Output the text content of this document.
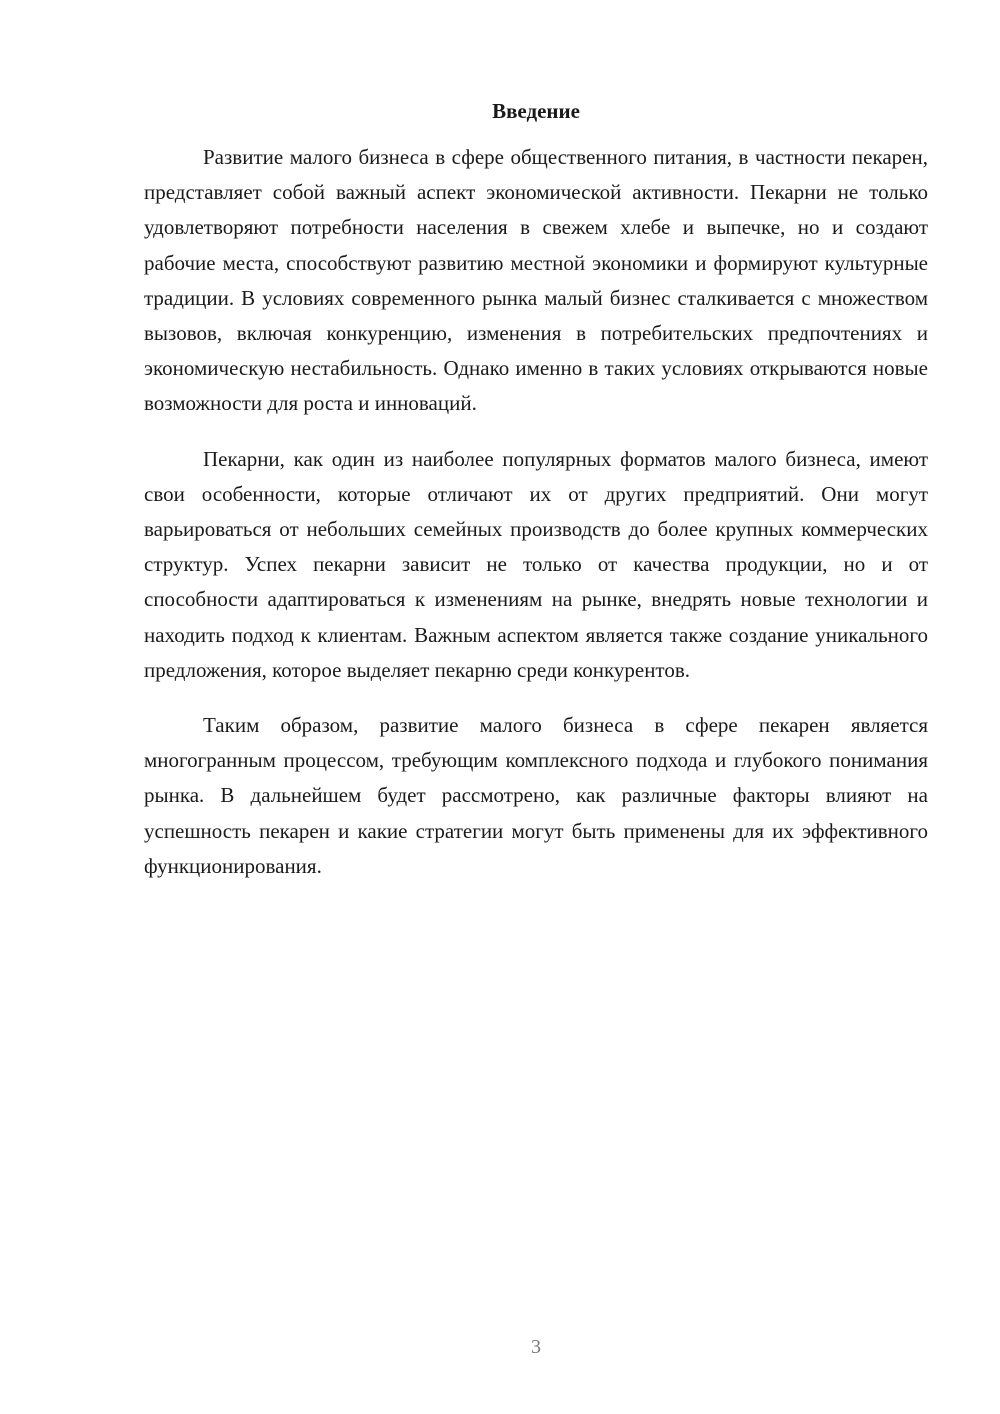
Введение

Развитие малого бизнеса в сфере общественного питания, в частности пекарен, представляет собой важный аспект экономической активности. Пекарни не только удовлетворяют потребности населения в свежем хлебе и выпечке, но и создают рабочие места, способствуют развитию местной экономики и формируют культурные традиции. В условиях современного рынка малый бизнес сталкивается с множеством вызовов, включая конкуренцию, изменения в потребительских предпочтениях и экономическую нестабильность. Однако именно в таких условиях открываются новые возможности для роста и инноваций.

Пекарни, как один из наиболее популярных форматов малого бизнеса, имеют свои особенности, которые отличают их от других предприятий. Они могут варьироваться от небольших семейных производств до более крупных коммерческих структур. Успех пекарни зависит не только от качества продукции, но и от способности адаптироваться к изменениям на рынке, внедрять новые технологии и находить подход к клиентам. Важным аспектом является также создание уникального предложения, которое выделяет пекарню среди конкурентов.

Таким образом, развитие малого бизнеса в сфере пекарен является многогранным процессом, требующим комплексного подхода и глубокого понимания рынка. В дальнейшем будет рассмотрено, как различные факторы влияют на успешность пекарен и какие стратегии могут быть применены для их эффективного функционирования.

3
